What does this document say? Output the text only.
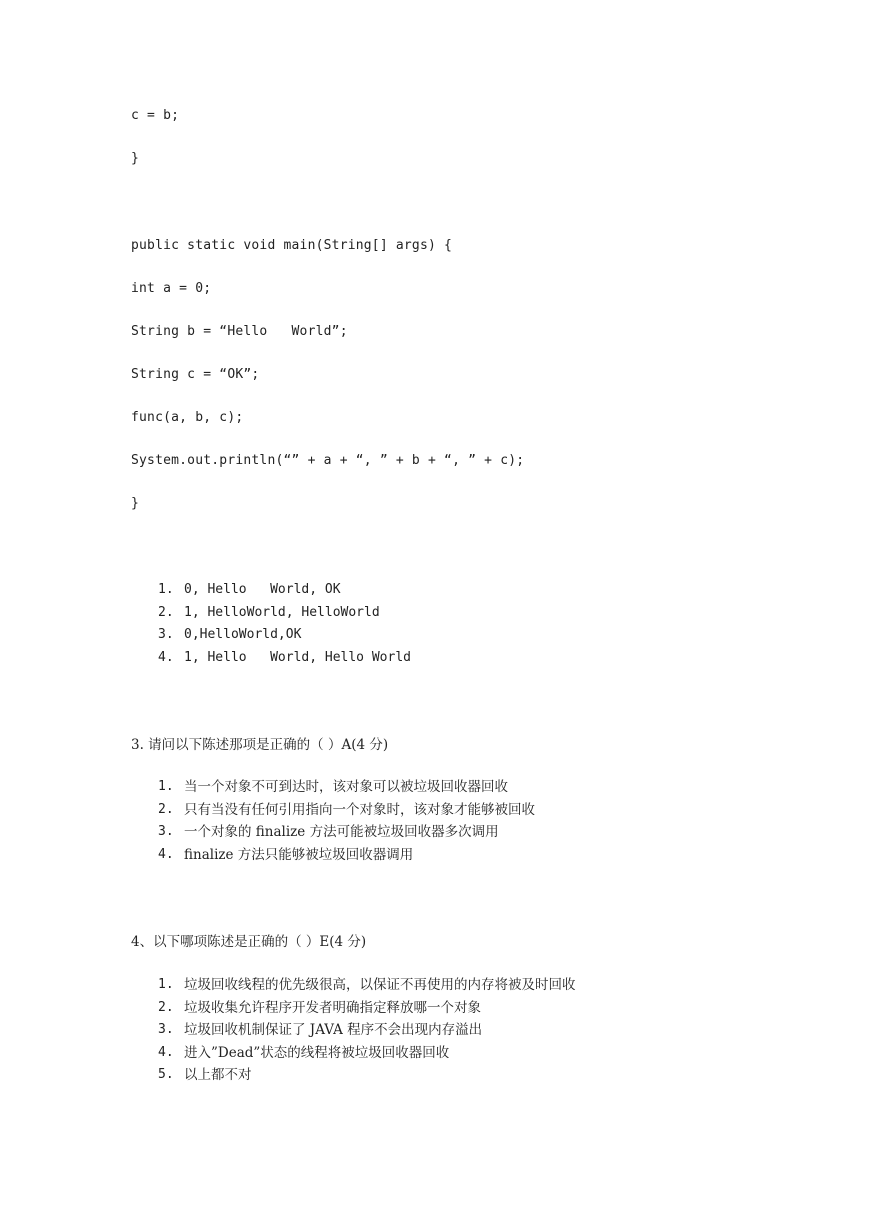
c = b;
}
public static void main(String[] args) {
int a = 0;
String b = “Hello   World”;
String c = “OK”;
func(a, b, c);
System.out.println(“” + a + “, ” + b + “, ” + c);
}
1. 0, Hello   World, OK
2. 1, HelloWorld, HelloWorld
3. 0,HelloWorld,OK
4. 1, Hello   World, Hello World
3. 请问以下陈述那项是正确的（ ）A(4 分)
1. 当一个对象不可到达时，该对象可以被垃圾回收器回收
2. 只有当没有任何引用指向一个对象时，该对象才能够被回收
3. 一个对象的 finalize 方法可能被垃圾回收器多次调用
4. finalize 方法只能够被垃圾回收器调用
4、以下哪项陈述是正确的（ ）E(4 分)
1. 垃圾回收线程的优先级很高，以保证不再使用的内存将被及时回收
2. 垃圾收集允许程序开发者明确指定释放哪一个对象
3. 垃圾回收机制保证了 JAVA 程序不会出现内存溢出
4. 进入”Dead”状态的线程将被垃圾回收器回收
5. 以上都不对
